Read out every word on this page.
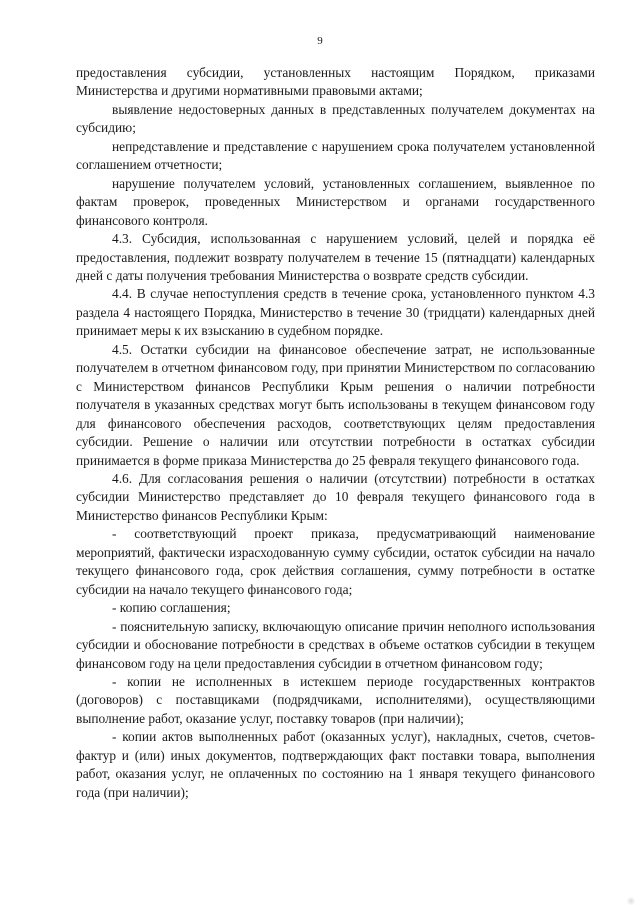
9

предоставления субсидии, установленных настоящим Порядком, приказами Министерства и другими нормативными правовыми актами;

выявление недостоверных данных в представленных получателем документах на субсидию;

непредставление и представление с нарушением срока получателем установленной соглашением отчетности;

нарушение получателем условий, установленных соглашением, выявленное по фактам проверок, проведенных Министерством и органами государственного финансового контроля.

4.3. Субсидия, использованная с нарушением условий, целей и порядка её предоставления, подлежит возврату получателем в течение 15 (пятнадцати) календарных дней с даты получения требования Министерства о возврате средств субсидии.

4.4. В случае непоступления средств в течение срока, установленного пунктом 4.3 раздела 4 настоящего Порядка, Министерство в течение 30 (тридцати) календарных дней принимает меры к их взысканию в судебном порядке.

4.5. Остатки субсидии на финансовое обеспечение затрат, не использованные получателем в отчетном финансовом году, при принятии Министерством по согласованию с Министерством финансов Республики Крым решения о наличии потребности получателя в указанных средствах могут быть использованы в текущем финансовом году для финансового обеспечения расходов, соответствующих целям предоставления субсидии. Решение о наличии или отсутствии потребности в остатках субсидии принимается в форме приказа Министерства до 25 февраля текущего финансового года.

4.6. Для согласования решения о наличии (отсутствии) потребности в остатках субсидии Министерство представляет до 10 февраля текущего финансового года в Министерство финансов Республики Крым:

- соответствующий проект приказа, предусматривающий наименование мероприятий, фактически израсходованную сумму субсидии, остаток субсидии на начало текущего финансового года, срок действия соглашения, сумму потребности в остатке субсидии на начало текущего финансового года;

- копию соглашения;

- пояснительную записку, включающую описание причин неполного использования субсидии и обоснование потребности в средствах в объеме остатков субсидии в текущем финансовом году на цели предоставления субсидии в отчетном финансовом году;

- копии не исполненных в истекшем периоде государственных контрактов (договоров) с поставщиками (подрядчиками, исполнителями), осуществляющими выполнение работ, оказание услуг, поставку товаров (при наличии);

- копии актов выполненных работ (оказанных услуг), накладных, счетов, счетов-фактур и (или) иных документов, подтверждающих факт поставки товара, выполнения работ, оказания услуг, не оплаченных по состоянию на 1 января текущего финансового года (при наличии);
